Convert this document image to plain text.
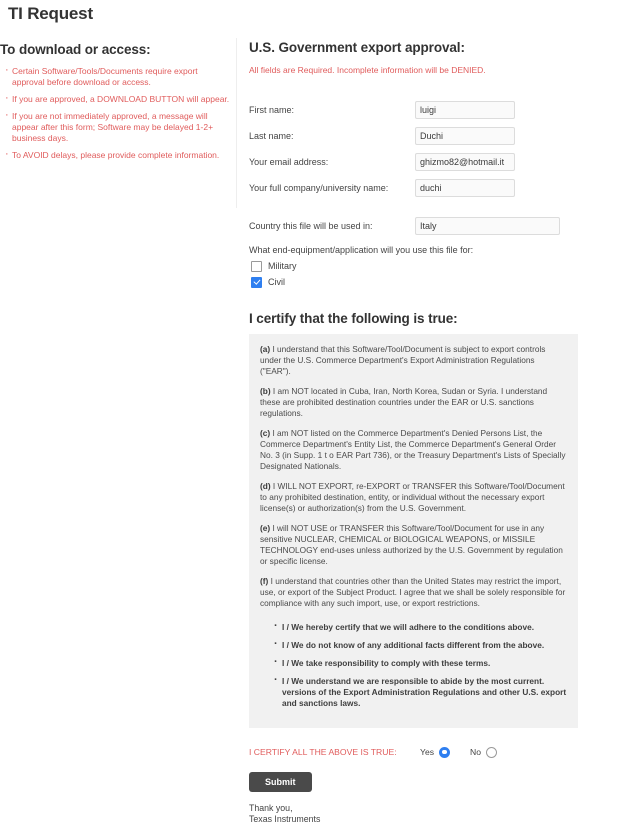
TI Request
To download or access:
· Certain Software/Tools/Documents require export approval before download or access.
· If you are approved, a DOWNLOAD BUTTON will appear.
· If you are not immediately approved, a message will appear after this form; Software may be delayed 1-2+ business days.
· To AVOID delays, please provide complete information.
U.S. Government export approval:
All fields are Required. Incomplete information will be DENIED.
First name:
luigi
Last name:
Duchi
Your email address:
ghizmo82@hotmail.it
Your full company/university name:
duchi
Country this file will be used in:
Italy
What end-equipment/application will you use this file for:
Military
Civil
I certify that the following is true:

(a) I understand that this Software/Tool/Document is subject to export controls under the U.S. Commerce Department's Export Administration Regulations ("EAR").

(b) I am NOT located in Cuba, Iran, North Korea, Sudan or Syria. I understand these are prohibited destination countries under the EAR or U.S. sanctions regulations.

(c) I am NOT listed on the Commerce Department's Denied Persons List, the Commerce Department's Entity List, the Commerce Department's General Order No. 3 (in Supp. 1 t o EAR Part 736), or the Treasury Department's Lists of Specially Designated Nationals.

(d) I WILL NOT EXPORT, re-EXPORT or TRANSFER this Software/Tool/Document to any prohibited destination, entity, or individual without the necessary export license(s) or authorization(s) from the U.S. Government.

(e) I will NOT USE or TRANSFER this Software/Tool/Document for use in any sensitive NUCLEAR, CHEMICAL or BIOLOGICAL WEAPONS, or MISSILE TECHNOLOGY end-uses unless authorized by the U.S. Government by regulation or specific license.

(f) I understand that countries other than the United States may restrict the import, use, or export of the Subject Product. I agree that we shall be solely responsible for compliance with any such import, use, or export restrictions.

· I / We hereby certify that we will adhere to the conditions above.
· I / We do not know of any additional facts different from the above.
· I / We take responsibility to comply with these terms.
· I / We understand we are responsible to abide by the most current. versions of the Export Administration Regulations and other U.S. export and sanctions laws.
I CERTIFY ALL THE ABOVE IS TRUE:	Yes	No
Submit
Thank you,
Texas Instruments
